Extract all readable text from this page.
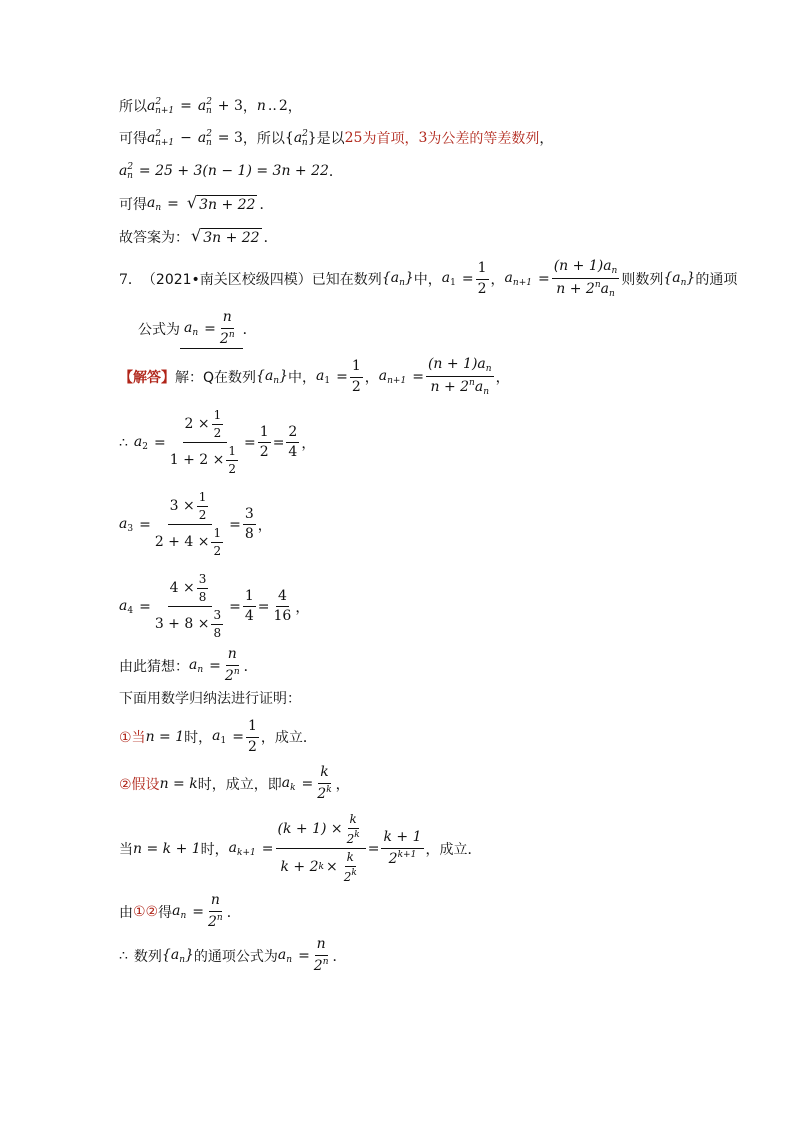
所以 $a^2_{n+1} = a^2_n + 3$ ， n .. 2 ，
可得 $a^2_{n+1} - a^2_n = 3$ ，所以 { $a^2_n$ } 是以 25 为首项， 3 为公差的等差数列 ，
$a^2_n = 25 + 3(n - 1) = 3n + 22$ ．
可得 $a_n$ = √ 3n + 22 ．
故答案为： √ 3n + 22 ．
7． （2021•南关区校级四模）已知在数列 $\{a_n\}$ 中， $a_1 = \frac{1}{2}$ ， $a_{n+1} = \frac{(n + 1)a_n}{n + 2^na_n}$ 则数列 $\{a_n\}$ 的通项
公式为 $a_n = \frac{n}{2^n}$ ．
【解答】 解： Q在数列 $\{a_n\}$ 中， $a_1 = \frac{1}{2}$ ， $a_{n+1} = \frac{(n + 1)a_n}{n + 2^na_n}$ ，
∴ $a_2 = \frac{2 \times \frac{1}{2}}{1 + 2 \times \frac{1}{2}} = \frac{1}{2} = \frac{2}{4}$ ，
$a_3 = \frac{3 \times \frac{1}{2}}{2 + 4 \times \frac{1}{2}} = \frac{3}{8}$ ，
$a_4 = \frac{4 \times \frac{3}{8}}{3 + 8 \times \frac{3}{8}} = \frac{1}{4} = \frac{4}{16}$ ，
由此猜想： $a_n = \frac{n}{2^n}$ ．
下面用数学归纳法进行证明：
①当 n = 1 时， $a_1 = \frac{1}{2}$ ，成立．
②假设 n = k 时，成立，即 $a_k = \frac{k}{2^k}$ ，
当 n = k + 1 时， $a_{k+1} = \frac{(k + 1) \times \frac{k}{2^k}}{k + 2 k \times \frac{k}{2^k}} = \frac{k + 1}{2^{k+1}}$ ，成立．
由 ①② 得 $a_n = \frac{n}{2^n}$ ．
∴ 数列 $\{a_n\}$ 的通项公式为 $a_n = \frac{n}{2^n}$ ．
